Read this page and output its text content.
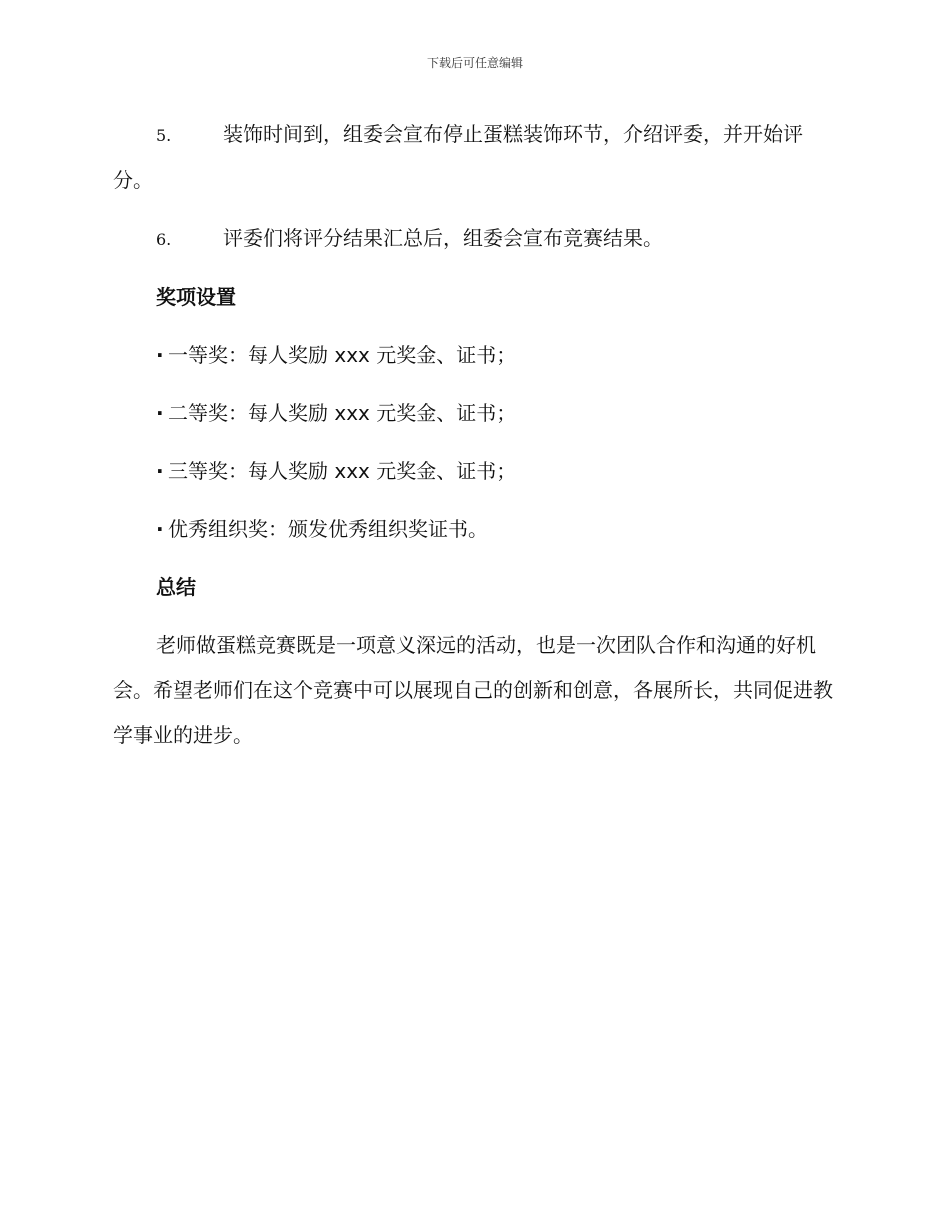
下载后可任意编辑

5.	装饰时间到，组委会宣布停止蛋糕装饰环节，介绍评委，并开始评分。

6.	评委们将评分结果汇总后，组委会宣布竞赛结果。

奖项设置

· 一等奖：每人奖励 xxx 元奖金、证书；

· 二等奖：每人奖励 xxx 元奖金、证书；

· 三等奖：每人奖励 xxx 元奖金、证书；

· 优秀组织奖：颁发优秀组织奖证书。

总结

老师做蛋糕竞赛既是一项意义深远的活动，也是一次团队合作和沟通的好机会。希望老师们在这个竞赛中可以展现自己的创新和创意，各展所长，共同促进教学事业的进步。
